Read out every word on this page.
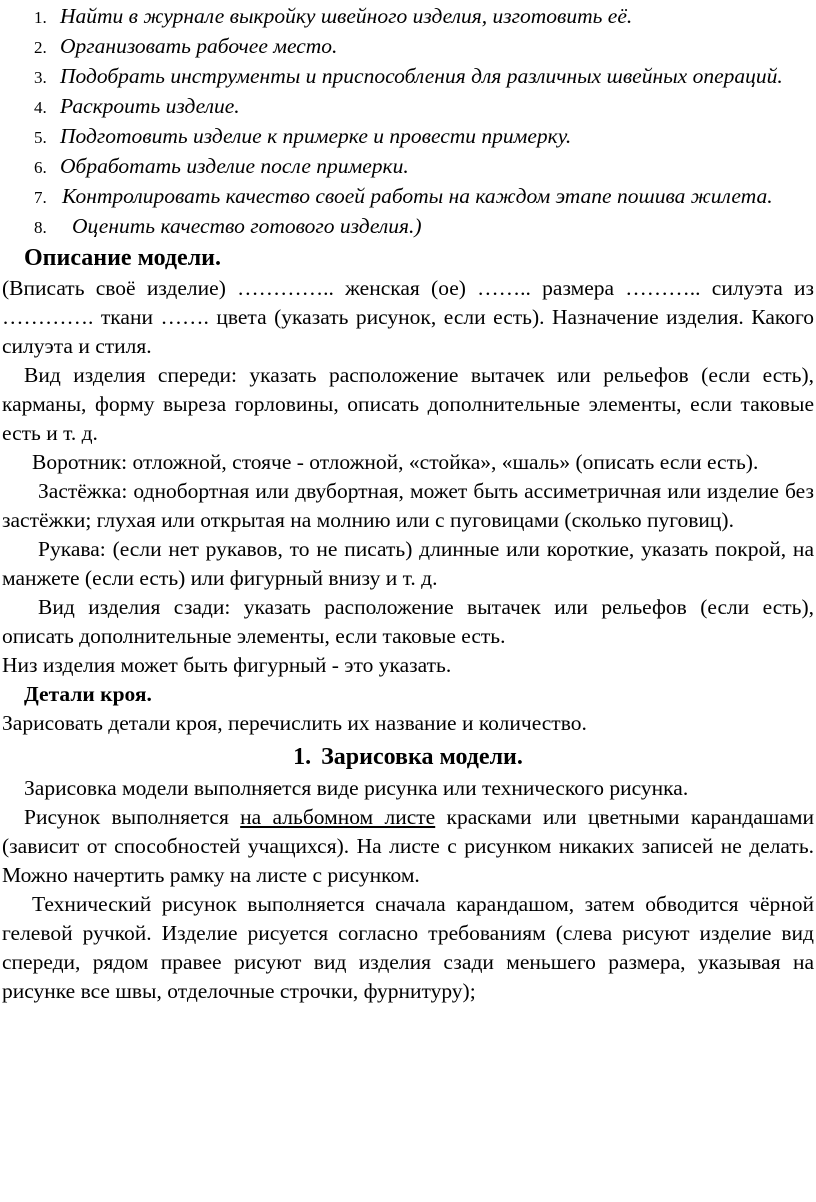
1. Найти в журнале выкройку швейного изделия, изготовить её.

2. Организовать рабочее место.

3. Подобрать инструменты и приспособления для различных швейных операций.

4. Раскроить изделие.

5. Подготовить изделие к примерке и провести примерку.

6. Обработать изделие после примерки.

7. Контролировать качество своей работы на каждом этапе пошива жилета.

8. Оценить качество готового изделия.)

Описание модели.

(Вписать своё изделие) ………….. женская (ое) …….. размера ……….. силуэта из …………. ткани ……. цвета (указать рисунок, если есть). Назначение изделия. Какого силуэта и стиля.

Вид изделия спереди: указать расположение вытачек или рельефов (если есть), карманы, форму выреза горловины, описать дополнительные элементы, если таковые есть и т. д.

Воротник: отложной, стояче - отложной, «стойка», «шаль» (описать если есть).

Застёжка: однобортная или двубортная, может быть ассиметричная или изделие без застёжки; глухая или открытая на молнию или с пуговицами (сколько пуговиц).

Рукава: (если нет рукавов, то не писать) длинные или короткие, указать покрой, на манжете (если есть) или фигурный внизу и т. д.

Вид изделия сзади: указать расположение вытачек или рельефов (если есть), описать дополнительные элементы, если таковые есть.

Низ изделия может быть фигурный - это указать.

Детали кроя.

Зарисовать детали кроя, перечислить их название и количество.

1. Зарисовка модели.

Зарисовка модели выполняется виде рисунка или технического рисунка.

Рисунок выполняется на альбомном листе красками или цветными карандашами (зависит от способностей учащихся). На листе с рисунком никаких записей не делать. Можно начертить рамку на листе с рисунком.

Технический рисунок выполняется сначала карандашом, затем обводится чёрной гелевой ручкой. Изделие рисуется согласно требованиям (слева рисуют изделие вид спереди, рядом правее рисуют вид изделия сзади меньшего размера, указывая на рисунке все швы, отделочные строчки, фурнитуру);
